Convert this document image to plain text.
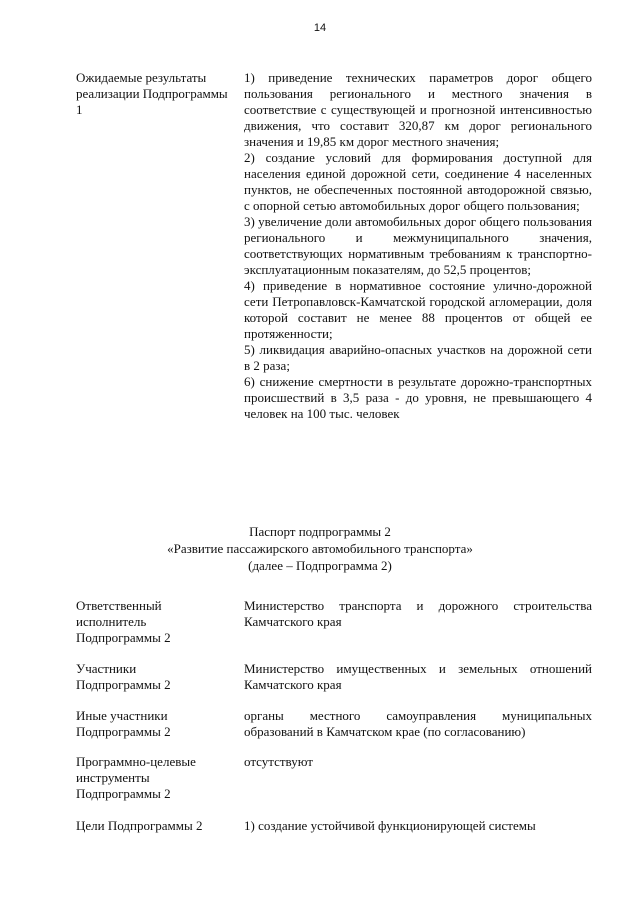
14
Ожидаемые результаты реализации Подпрограммы 1

1) приведение технических параметров дорог общего пользования регионального и местного значения в соответствие с существующей и прогнозной интенсивностью движения, что составит 320,87 км дорог регионального значения и 19,85 км дорог местного значения;

2) создание условий для формирования доступной для населения единой дорожной сети, соединение 4 населенных пунктов, не обеспеченных постоянной автодорожной связью, с опорной сетью автомобильных дорог общего пользования;

3) увеличение доли автомобильных дорог общего пользования регионального и межмуниципального значения, соответствующих нормативным требованиям к транспортно-эксплуатационным показателям, до 52,5 процентов;

4) приведение в нормативное состояние улично-дорожной сети Петропавловск-Камчатской городской агломерации, доля которой составит не менее 88 процентов от общей ее протяженности;

5) ликвидация аварийно-опасных участков на дорожной сети в 2 раза;

6) снижение смертности в результате дорожно-транспортных происшествий в 3,5 раза - до уровня, не превышающего 4 человек на 100 тыс. человек

Паспорт подпрограммы 2
«Развитие пассажирского автомобильного транспорта»
(далее – Подпрограмма 2)
Ответственный исполнитель Подпрограммы 2
Министерство транспорта и дорожного строительства Камчатского края
Участники Подпрограммы 2
Министерство имущественных и земельных отношений Камчатского края
Иные участники Подпрограммы 2
органы местного самоуправления муниципальных образований в Камчатском крае (по согласованию)
Программно-целевые инструменты Подпрограммы 2
отсутствуют
Цели Подпрограммы 2	1) создание устойчивой функционирующей системы
